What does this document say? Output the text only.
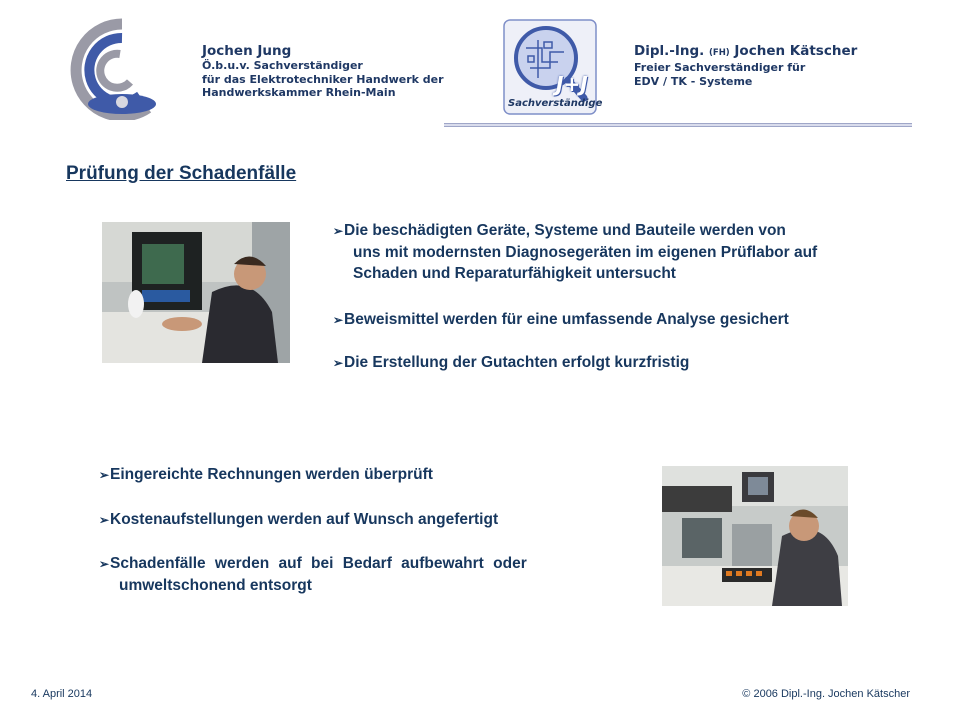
Jochen Jung
Ö.b.u.v. Sachverständiger
für das Elektrotechniker Handwerk der
Handwerkskammer Rhein-Main	J+J
Sachverständige
Dipl.-Ing. (FH) Jochen Kätscher
Freier Sachverständiger für
EDV / TK - Systeme
Prüfung der Schadenfälle
➢Die beschädigten Geräte, Systeme und Bauteile werden von
uns mit modernsten Diagnosegeräten im eigenen Prüflabor auf
Schaden und Reparaturfähigkeit untersucht
➢Beweismittel werden für eine umfassende Analyse gesichert
➢Die Erstellung der Gutachten erfolgt kurzfristig
➢Eingereichte Rechnungen werden überprüft
➢Kostenaufstellungen werden auf Wunsch angefertigt
➢Schadenfälle werden auf bei Bedarf aufbewahrt oder
umweltschonend entsorgt
4. April 2014	© 2006 Dipl.-Ing. Jochen Kätscher
